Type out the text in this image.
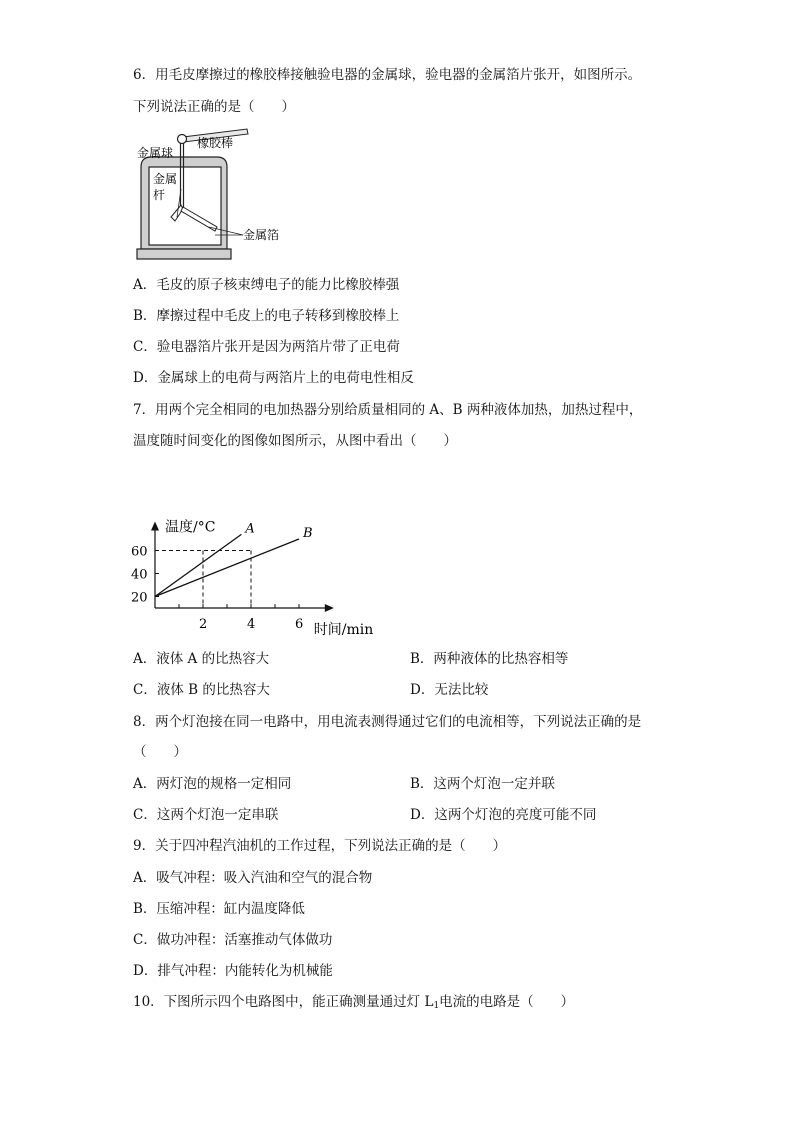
6．用毛皮摩擦过的橡胶棒接触验电器的金属球，验电器的金属箔片张开，如图所示。
下列说法正确的是（　　）
金属球
橡胶棒
金属
杆
金属箔
A．毛皮的原子核束缚电子的能力比橡胶棒强
B．摩擦过程中毛皮上的电子转移到橡胶棒上
C．验电器箔片张开是因为两箔片带了正电荷
D．金属球上的电荷与两箔片上的电荷电性相反
7．用两个完全相同的电加热器分别给质量相同的 A、B 两种液体加热，加热过程中，
温度随时间变化的图像如图所示，从图中看出（　　）
温度/°C
时间/min
2	4	6
20
40
60
A	B
A．液体 A 的比热容大	B．两种液体的比热容相等
C．液体 B 的比热容大	D．无法比较
8．两个灯泡接在同一电路中，用电流表测得通过它们的电流相等，下列说法正确的是
（　　）
A．两灯泡的规格一定相同	B．这两个灯泡一定并联
C．这两个灯泡一定串联	D．这两个灯泡的亮度可能不同
9．关于四冲程汽油机的工作过程，下列说法正确的是（　　）
A．吸气冲程：吸入汽油和空气的混合物
B．压缩冲程：缸内温度降低
C．做功冲程：活塞推动气体做功
D．排气冲程：内能转化为机械能
10．下图所示四个电路图中，能正确测量通过灯 $L_1$电流的电路是（　　）
